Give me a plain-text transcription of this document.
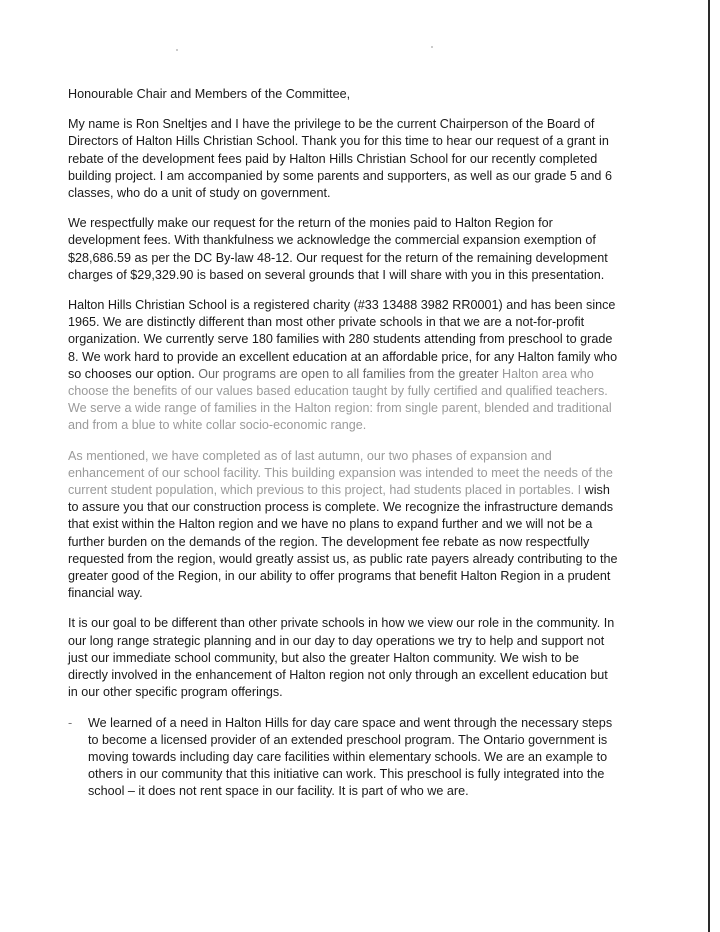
Honourable Chair and Members of the Committee,

My name is Ron Sneltjes and I have the privilege to be the current Chairperson of the Board of Directors of Halton Hills Christian School. Thank you for this time to hear our request of a grant in rebate of the development fees paid by Halton Hills Christian School for our recently completed building project. I am accompanied by some parents and supporters, as well as our grade 5 and 6 classes, who do a unit of study on government.

We respectfully make our request for the return of the monies paid to Halton Region for development fees. With thankfulness we acknowledge the commercial expansion exemption of $28,686.59 as per the DC By-law 48-12. Our request for the return of the remaining development charges of $29,329.90 is based on several grounds that I will share with you in this presentation.

Halton Hills Christian School is a registered charity (#33 13488 3982 RR0001) and has been since 1965. We are distinctly different than most other private schools in that we are a not-for-profit organization. We currently serve 180 families with 280 students attending from preschool to grade 8. We work hard to provide an excellent education at an affordable price, for any Halton family who so chooses our option. Our programs are open to all families from the greater Halton area who choose the benefits of our values based education taught by fully certified and qualified teachers. We serve a wide range of families in the Halton region: from single parent, blended and traditional and from a blue to white collar socio-economic range.

As mentioned, we have completed as of last autumn, our two phases of expansion and enhancement of our school facility. This building expansion was intended to meet the needs of the current student population, which previous to this project, had students placed in portables. I wish to assure you that our construction process is complete. We recognize the infrastructure demands that exist within the Halton region and we have no plans to expand further and we will not be a further burden on the demands of the region. The development fee rebate as now respectfully requested from the region, would greatly assist us, as public rate payers already contributing to the greater good of the Region, in our ability to offer programs that benefit Halton Region in a prudent financial way.

It is our goal to be different than other private schools in how we view our role in the community. In our long range strategic planning and in our day to day operations we try to help and support not just our immediate school community, but also the greater Halton community. We wish to be directly involved in the enhancement of Halton region not only through an excellent education but in our other specific program offerings.

- We learned of a need in Halton Hills for day care space and went through the necessary steps to become a licensed provider of an extended preschool program. The Ontario government is moving towards including day care facilities within elementary schools. We are an example to others in our community that this initiative can work. This preschool is fully integrated into the school – it does not rent space in our facility. It is part of who we are.
